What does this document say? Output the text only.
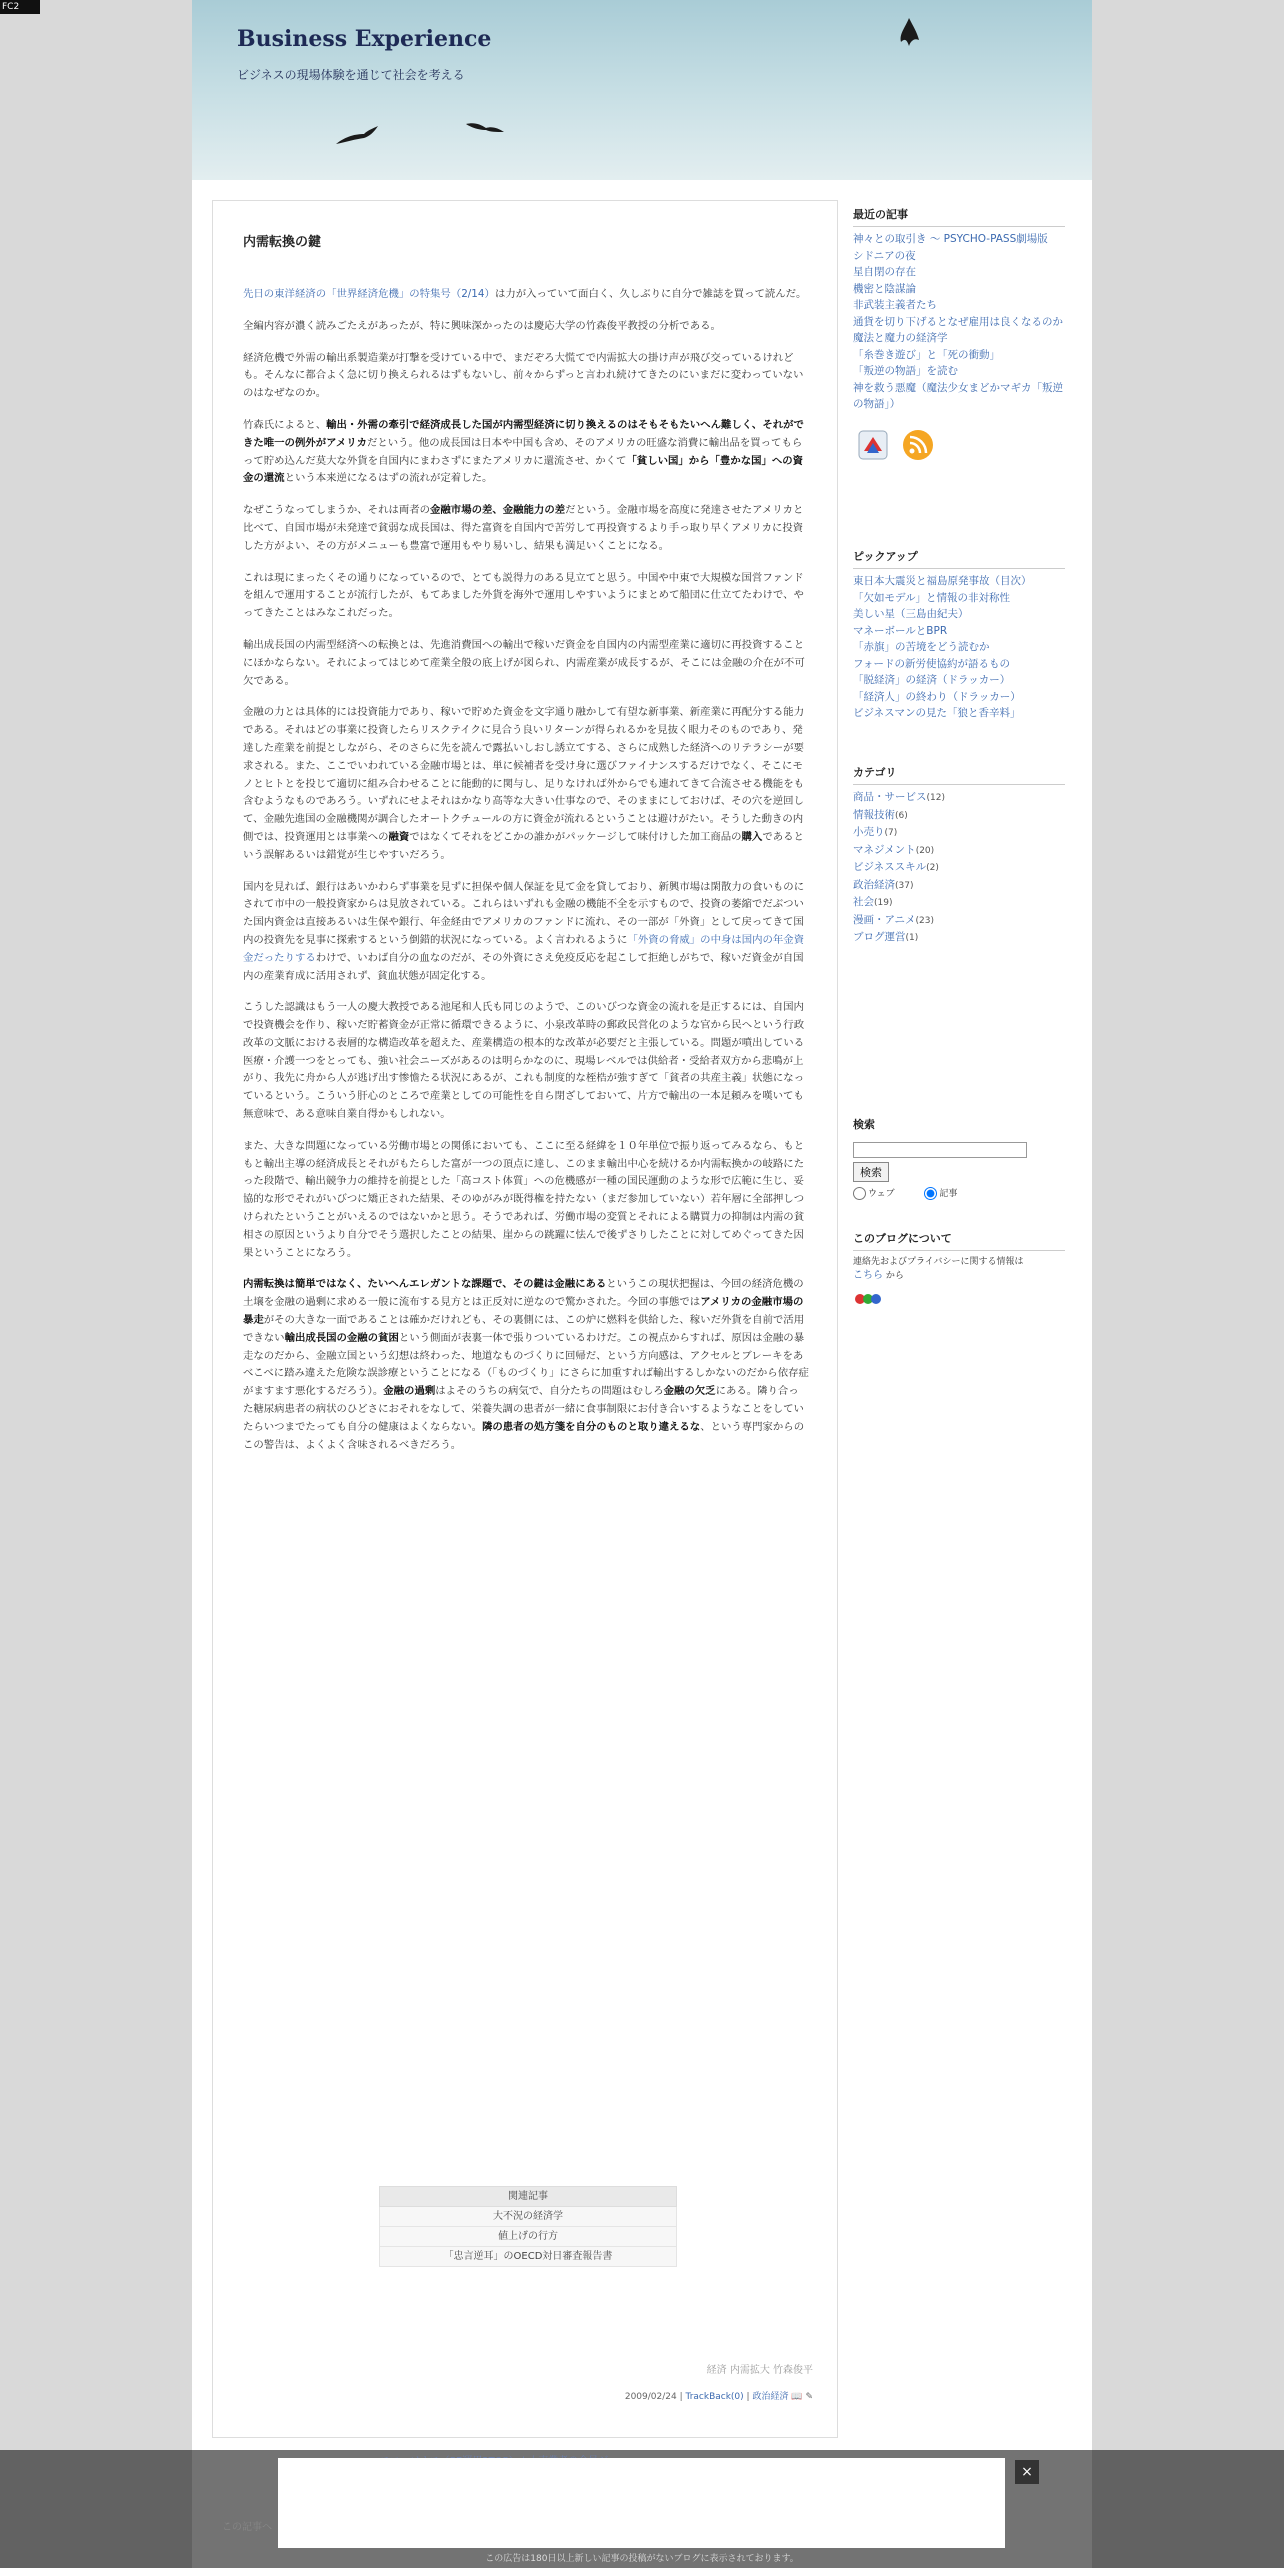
FC2
Business Experience
ビジネスの現場体験を通じて社会を考える
内需転換の鍵

先日の東洋経済の「世界経済危機」の特集号（2/14）は力が入っていて面白く、久しぶりに自分で雑誌を買って読んだ。

全編内容が濃く読みごたえがあったが、特に興味深かったのは慶応大学の竹森俊平教授の分析である。

経済危機で外需の輸出系製造業が打撃を受けている中で、まだぞろ大慌てで内需拡大の掛け声が飛び交っているけれども。そんなに都合よく急に切り換えられるはずもないし、前々からずっと言われ続けてきたのにいまだに変わっていないのはなぜなのか。

竹森氏によると、輸出・外需の牽引で経済成長した国が内需型経済に切り換えるのはそもそもたいへん難しく、それができた唯一の例外がアメリカだという。他の成長国は日本や中国も含め、そのアメリカの旺盛な消費に輸出品を買ってもらって貯め込んだ莫大な外貨を自国内にまわさずにまたアメリカに還流させ、かくて「貧しい国」から「豊かな国」への資金の還流という本来逆になるはずの流れが定着した。

なぜこうなってしまうか、それは両者の金融市場の差、金融能力の差だという。金融市場を高度に発達させたアメリカと比べて、自国市場が未発達で貧弱な成長国は、得た富資を自国内で苦労して再投資するより手っ取り早くアメリカに投資した方がよい、その方がメニューも豊富で運用もやり易いし、結果も満足いくことになる。

これは現にまったくその通りになっているので、とても説得力のある見立てと思う。中国や中東で大規模な国営ファンドを組んで運用することが流行したが、もてあました外貨を海外で運用しやすいようにまとめて船団に仕立てたわけで、やってきたことはみなこれだった。

輸出成長国の内需型経済への転換とは、先進消費国への輸出で稼いだ資金を自国内の内需型産業に適切に再投資することにほかならない。それによってはじめて産業全般の底上げが図られ、内需産業が成長するが、そこには金融の介在が不可欠である。

金融の力とは具体的には投資能力であり、稼いで貯めた資金を文字通り融かして有望な新事業、新産業に再配分する能力である。それはどの事業に投資したらリスクテイクに見合う良いリターンが得られるかを見抜く眼力そのものであり、発達した産業を前提としながら、そのさらに先を読んで露払いしおし誘立てする、さらに成熟した経済へのリテラシーが要求される。また、ここでいわれている金融市場とは、単に候補者を受け身に選びファイナンスするだけでなく、そこにモノとヒトとを投じて適切に組み合わせることに能動的に関与し、足りなければ外からでも連れてきて合流させる機能をも含むようなものであろう。いずれにせよそれはかなり高等な大きい仕事なので、そのままにしておけば、その穴を逆回して、金融先進国の金融機関が調合したオートクチュールの方に資金が流れるということは避けがたい。そうした動きの内側では、投資運用とは事業への融資ではなくてそれをどこかの誰かがパッケージして味付けした加工商品の購入であるという誤解あるいは錯覚が生じやすいだろう。

国内を見れば、銀行はあいかわらず事業を見ずに担保や個人保証を見て金を貸しており、新興市場は閑散力の食いものにされて市中の一般投資家からは見放されている。これらはいずれも金融の機能不全を示すもので、投資の萎縮でだぶついた国内資金は直接あるいは生保や銀行、年金経由でアメリカのファンドに流れ、その一部が「外資」として戻ってきて国内の投資先を見事に探索するという倒錯的状況になっている。よく言われるように「外資の脅威」の中身は国内の年金資金だったりするわけで、いわば自分の血なのだが、その外資にさえ免疫反応を起こして拒絶しがちで、稼いだ資金が自国内の産業育成に活用されず、貧血状態が固定化する。

こうした認識はもう一人の慶大教授である池尾和人氏も同じのようで、このいびつな資金の流れを是正するには、自国内で投資機会を作り、稼いだ貯蓄資金が正常に循環できるように、小泉改革時の郵政民営化のような官から民へという行政改革の文脈における表層的な構造改革を超えた、産業構造の根本的な改革が必要だと主張している。問題が噴出している医療・介護一つをとっても、強い社会ニーズがあるのは明らかなのに、現場レベルでは供給者・受給者双方から悲鳴が上がり、我先に舟から人が逃げ出す惨憺たる状況にあるが、これも制度的な桎梏が強すぎて「貧者の共産主義」状態になっているという。こういう肝心のところで産業としての可能性を自ら閉ざしておいて、片方で輸出の一本足頼みを嘆いても無意味で、ある意味自業自得かもしれない。

また、大きな問題になっている労働市場との関係においても、ここに至る経緯を１０年単位で振り返ってみるなら、もともと輸出主導の経済成長とそれがもたらした富が一つの頂点に達し、このまま輸出中心を続けるか内需転換かの岐路にたった段階で、輸出競争力の維持を前提とした「高コスト体質」への危機感が一種の国民運動のような形で広範に生じ、妥協的な形でそれがいびつに矯正された結果、そのゆがみが既得権を持たない（まだ参加していない）若年層に全部押しつけられたということがいえるのではないかと思う。そうであれば、労働市場の変質とそれによる購買力の抑制は内需の貧相さの原因というより自分でそう選択したことの結果、崖からの跳躍に怯んで後ずさりしたことに対してめぐってきた因果ということになろう。

内需転換は簡単ではなく、たいへんエレガントな課題で、その鍵は金融にあるというこの現状把握は、今回の経済危機の土壌を金融の過剰に求める一般に流布する見方とは正反対に逆なので驚かされた。今回の事態ではアメリカの金融市場の暴走がその大きな一面であることは確かだけれども、その裏側には、この炉に燃料を供給した、稼いだ外貨を自前で活用できない輸出成長国の金融の貧困という側面が表裏一体で張りついているわけだ。この視点からすれば、原因は金融の暴走なのだから、金融立国という幻想は終わった、地道なものづくりに回帰だ、という方向感は、アクセルとブレーキをあべこべに踏み違えた危険な誤診療ということになる（「ものづくり」にさらに加重すれば輸出するしかないのだから依存症がますます悪化するだろう）。金融の過剰はよそのうちの病気で、自分たちの問題はむしろ金融の欠乏にある。隣り合った糖尿病患者の病状のひどさにおそれをなして、栄養失調の患者が一緒に食事制限にお付き合いするようなことをしていたらいつまでたっても自分の健康はよくならない。隣の患者の処方箋を自分のものと取り違えるな、という専門家からのこの警告は、よくよく含味されるべきだろう。

関連記事
大不況の経済学
値上げの行方
「忠言逆耳」のOECD対日審査報告書
経済 内需拡大 竹森俊平
2009/02/24 | TrackBack(0) | 政治経済 📖 ✎
最近の記事
神々との取引き ～ PSYCHO-PASS劇場版
シドニアの夜
星自閉の存在
機密と陰謀論
非武装主義者たち
通貨を切り下げるとなぜ雇用は良くなるのか
魔法と魔力の経済学
「糸巻き遊び」と「死の衝動」
「叛逆の物語」を読む
神を救う悪魔（魔法少女まどかマギカ「叛逆の物語」）

ピックアップ
東日本大震災と福島原発事故（目次）
「欠如モデル」と情報の非対称性
美しい星（三島由紀夫）
マネーボールとBPR
「赤旗」の苦境をどう読むか
フォードの新労使協約が語るもの
「脱経済」の経済（ドラッカー）
「経済人」の終わり（ドラッカー）
ビジネスマンの見た「狼と香辛料」
カテゴリ
商品・サービス(12)
情報技術(6)
小売り(7)
マネジメント(20)
ビジネススキル(2)
政治経済(37)
社会(19)
漫画・アニメ(23)
ブログ運営(1)
検索
検索
ウェブ	記事
このブログについて
連絡先およびプライバシーに関する情報は
こちら から
この記事へ
×
この広告は180日以上新しい記事の投稿がないブログに表示されております。
